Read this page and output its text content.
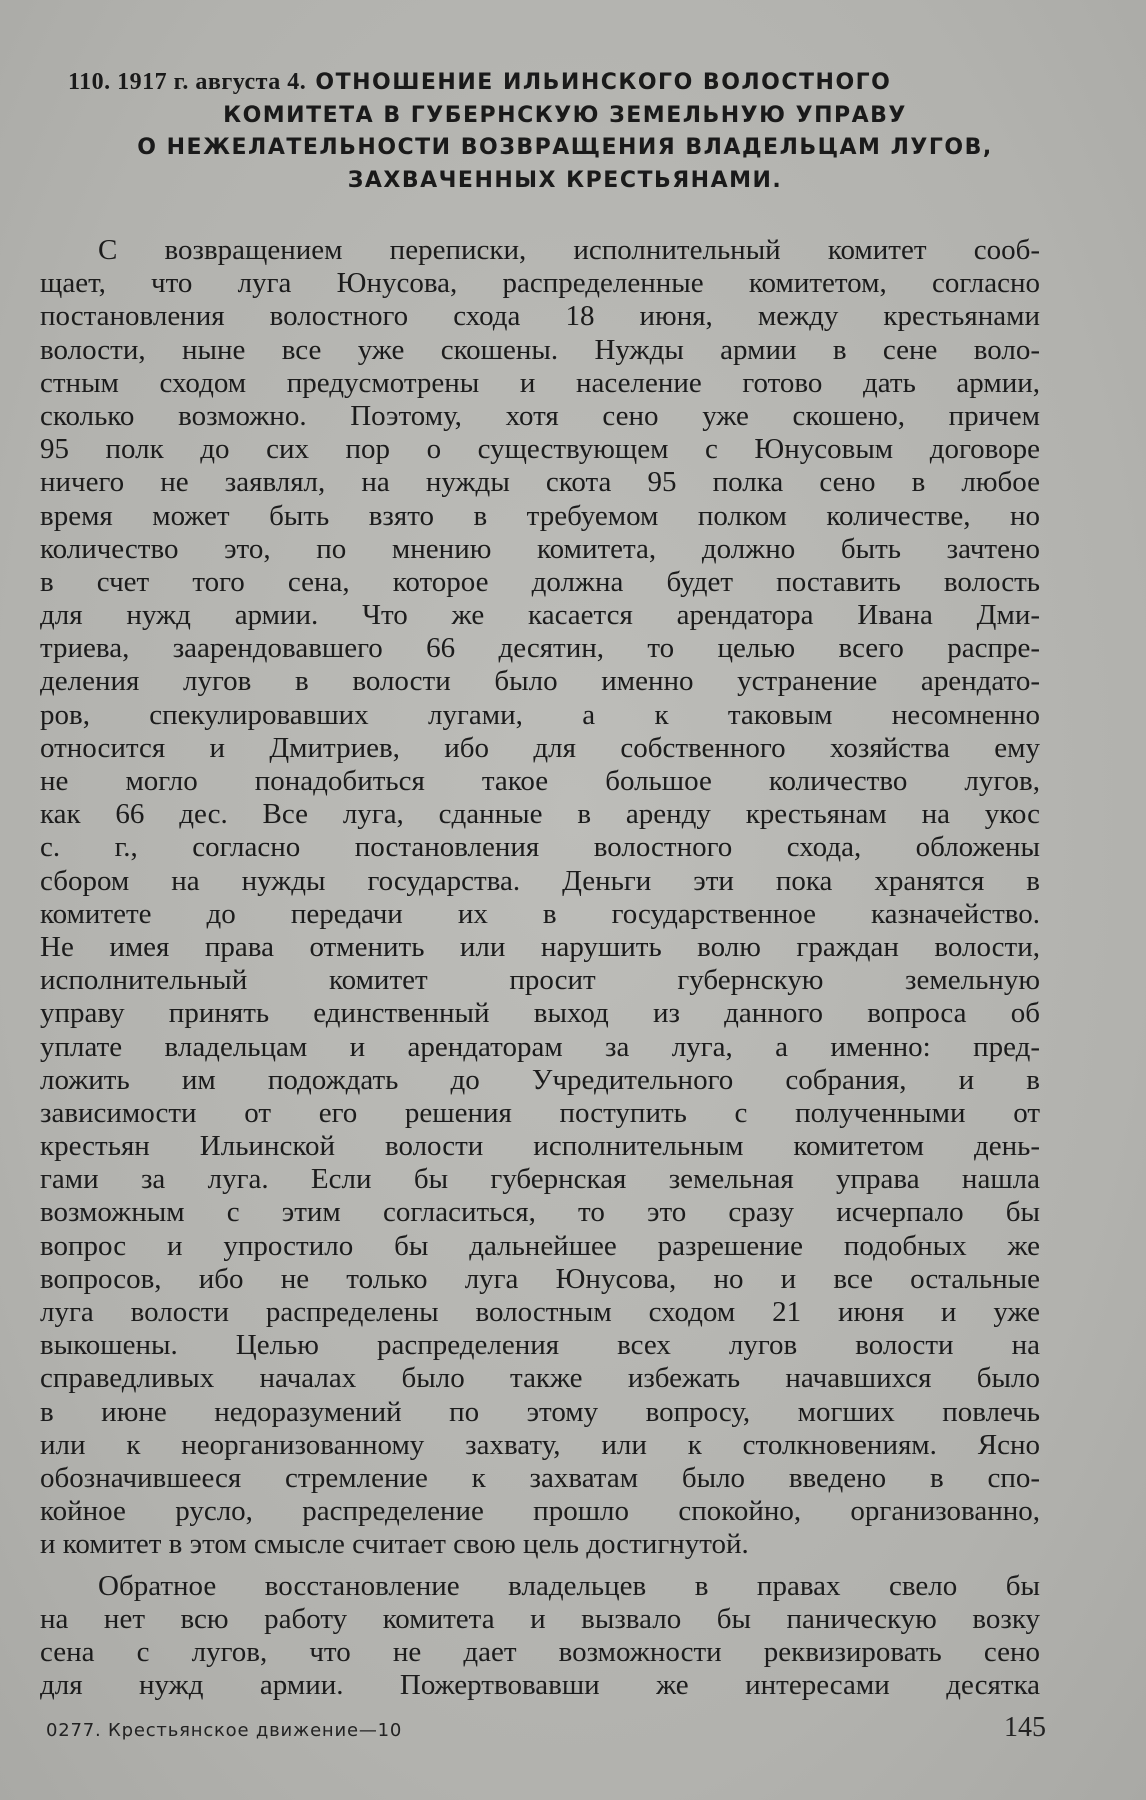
110. 1917 г. августа 4. ОТНОШЕНИЕ ИЛЬИНСКОГО ВОЛОСТНОГО
КОМИТЕТА В ГУБЕРНСКУЮ ЗЕМЕЛЬНУЮ УПРАВУ
О НЕЖЕЛАТЕЛЬНОСТИ ВОЗВРАЩЕНИЯ ВЛАДЕЛЬЦАМ ЛУГОВ,
ЗАХВАЧЕННЫХ КРЕСТЬЯНАМИ.
С возвращением переписки, исполнительный комитет сооб-
щает, что луга Юнусова, распределенные комитетом, согласно
постановления волостного схода 18 июня, между крестьянами
волости, ныне все уже скошены. Нужды армии в сене воло-
стным сходом предусмотрены и население готово дать армии,
сколько возможно. Поэтому, хотя сено уже скошено, причем
95 полк до сих пор о существующем с Юнусовым договоре
ничего не заявлял, на нужды скота 95 полка сено в любое
время может быть взято в требуемом полком количестве, но
количество это, по мнению комитета, должно быть зачтено
в счет того сена, которое должна будет поставить волость
для нужд армии. Что же касается арендатора Ивана Дми-
триева, заарендовавшего 66 десятин, то целью всего распре-
деления лугов в волости было именно устранение арендато-
ров, спекулировавших лугами, а к таковым несомненно
относится и Дмитриев, ибо для собственного хозяйства ему
не могло понадобиться такое большое количество лугов,
как 66 дес. Все луга, сданные в аренду крестьянам на укос
с. г., согласно постановления волостного схода, обложены
сбором на нужды государства. Деньги эти пока хранятся в
комитете до передачи их в государственное казначейство.
Не имея права отменить или нарушить волю граждан волости,
исполнительный комитет просит губернскую земельную
управу принять единственный выход из данного вопроса об
уплате владельцам и арендаторам за луга, а именно: пред-
ложить им подождать до Учредительного собрания, и в
зависимости от его решения поступить с полученными от
крестьян Ильинской волости исполнительным комитетом день-
гами за луга. Если бы губернская земельная управа нашла
возможным с этим согласиться, то это сразу исчерпало бы
вопрос и упростило бы дальнейшее разрешение подобных же
вопросов, ибо не только луга Юнусова, но и все остальные
луга волости распределены волостным сходом 21 июня и уже
выкошены. Целью распределения всех лугов волости на
справедливых началах было также избежать начавшихся было
в июне недоразумений по этому вопросу, могших повлечь
или к неорганизованному захвату, или к столкновениям. Ясно
обозначившееся стремление к захватам было введено в спо-
койное русло, распределение прошло спокойно, организованно,
и комитет в этом смысле считает свою цель достигнутой.
Обратное восстановление владельцев в правах свело бы
на нет всю работу комитета и вызвало бы паническую возку
сена с лугов, что не дает возможности реквизировать сено
для нужд армии. Пожертвовавши же интересами десятка
0277. Крестьянское движение—10	145
